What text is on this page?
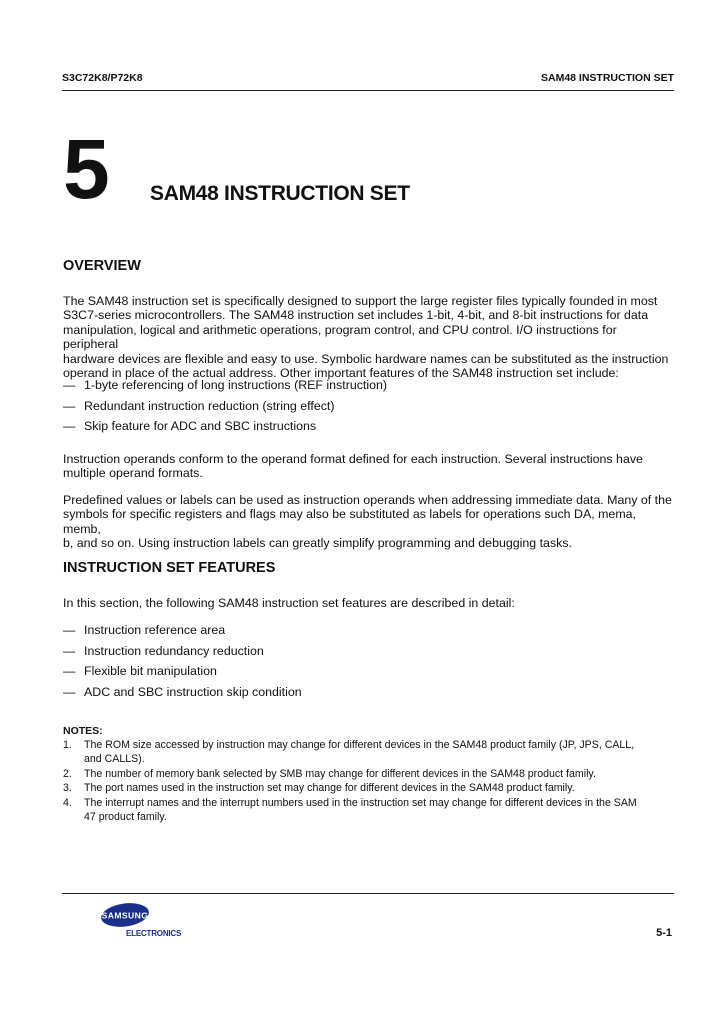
S3C72K8/P72K8	SAM48 INSTRUCTION SET
5 SAM48 INSTRUCTION SET
OVERVIEW
The SAM48 instruction set is specifically designed to support the large register files typically founded in most
S3C7-series microcontrollers. The SAM48 instruction set includes 1-bit, 4-bit, and 8-bit instructions for data
manipulation, logical and arithmetic operations, program control, and CPU control. I/O instructions for peripheral
hardware devices are flexible and easy to use. Symbolic hardware names can be substituted as the instruction
operand in place of the actual address. Other important features of the SAM48 instruction set include:
— 1-byte referencing of long instructions (REF instruction)
— Redundant instruction reduction (string effect)
— Skip feature for ADC and SBC instructions
Instruction operands conform to the operand format defined for each instruction. Several instructions have
multiple operand formats.
Predefined values or labels can be used as instruction operands when addressing immediate data. Many of the
symbols for specific registers and flags may also be substituted as labels for operations such DA, mema, memb,
b, and so on. Using instruction labels can greatly simplify programming and debugging tasks.
INSTRUCTION SET FEATURES
In this section, the following SAM48 instruction set features are described in detail:
— Instruction reference area
— Instruction redundancy reduction
— Flexible bit manipulation
— ADC and SBC instruction skip condition
NOTES:
1. The ROM size accessed by instruction may change for different devices in the SAM48 product family (JP, JPS, CALL,
and CALLS).
2. The number of memory bank selected by SMB may change for different devices in the SAM48 product family.
3. The port names used in the instruction set may change for different devices in the SAM48 product family.
4. The interrupt names and the interrupt numbers used in the instruction set may change for different devices in the SAM
47 product family.
SAMSUNG
ELECTRONICS	5-1
